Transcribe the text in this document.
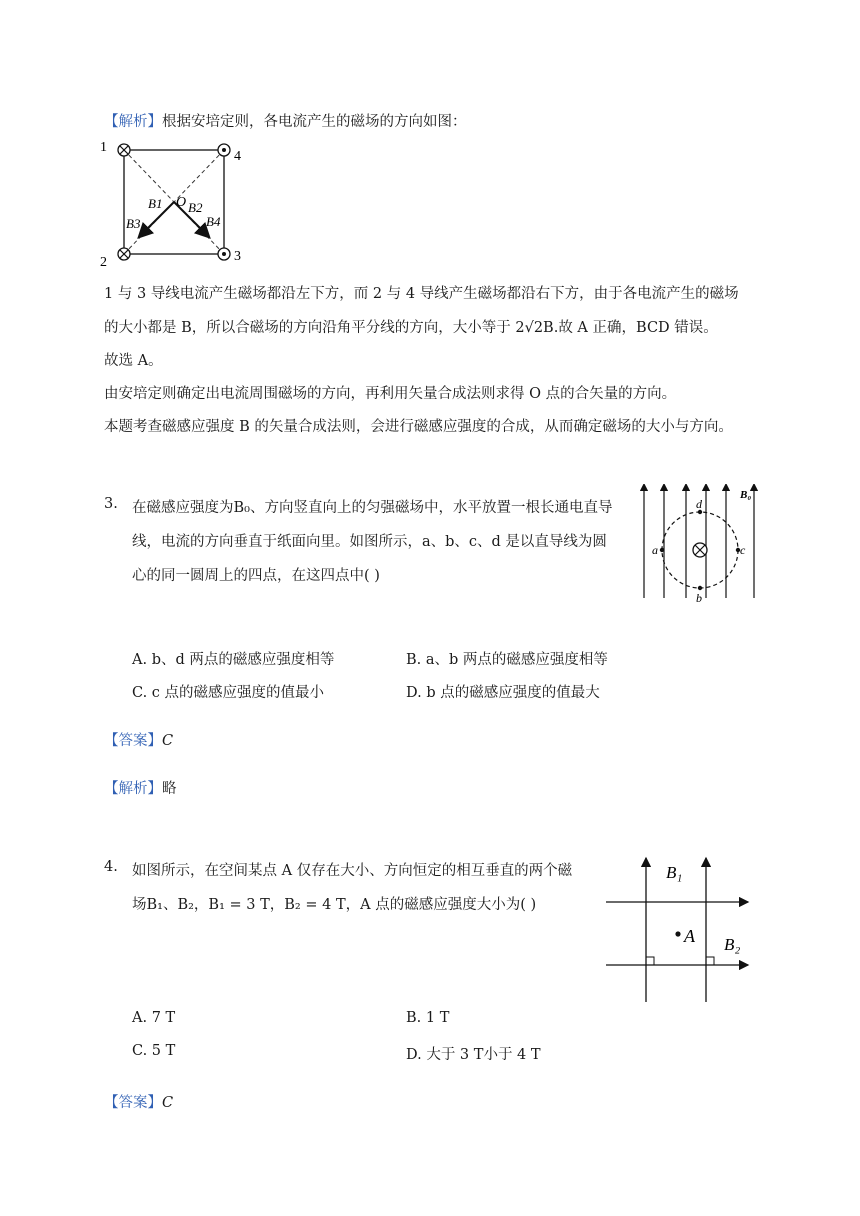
【解析】根据安培定则，各电流产生的磁场的方向如图：
1
4
2	3
O
B1 B2
B3	B4
1 与 3 导线电流产生磁场都沿左下方，而 2 与 4 导线产生磁场都沿右下方，由于各电流产生的磁场
的大小都是 B，所以合磁场的方向沿角平分线的方向，大小等于 2√2B.故 A 正确，BCD 错误。
故选 A。
由安培定则确定出电流周围磁场的方向，再利用矢量合成法则求得 O 点的合矢量的方向。
本题考查磁感应强度 B 的矢量合成法则，会进行磁感应强度的合成，从而确定磁场的大小与方向。
3. 在磁感应强度为B₀、方向竖直向上的匀强磁场中，水平放置一根长通电直导
线，电流的方向垂直于纸面向里。如图所示，a、b、c、d 是以直导线为圆
心的同一圆周上的四点，在这四点中( )
a
b
c
d
B₀
A. b、d 两点的磁感应强度相等	B. a、b 两点的磁感应强度相等
C. c 点的磁感应强度的值最小	D. b 点的磁感应强度的值最大
【答案】C
【解析】略
4. 如图所示，在空间某点 A 仅存在大小、方向恒定的相互垂直的两个磁
场B₁、B₂，B₁ = 3 T，B₂ = 4 T，A 点的磁感应强度大小为( )
A
B₁
B₂
A. 7 T	B. 1 T
C. 5 T	D. 大于 3 T小于 4 T
【答案】C
